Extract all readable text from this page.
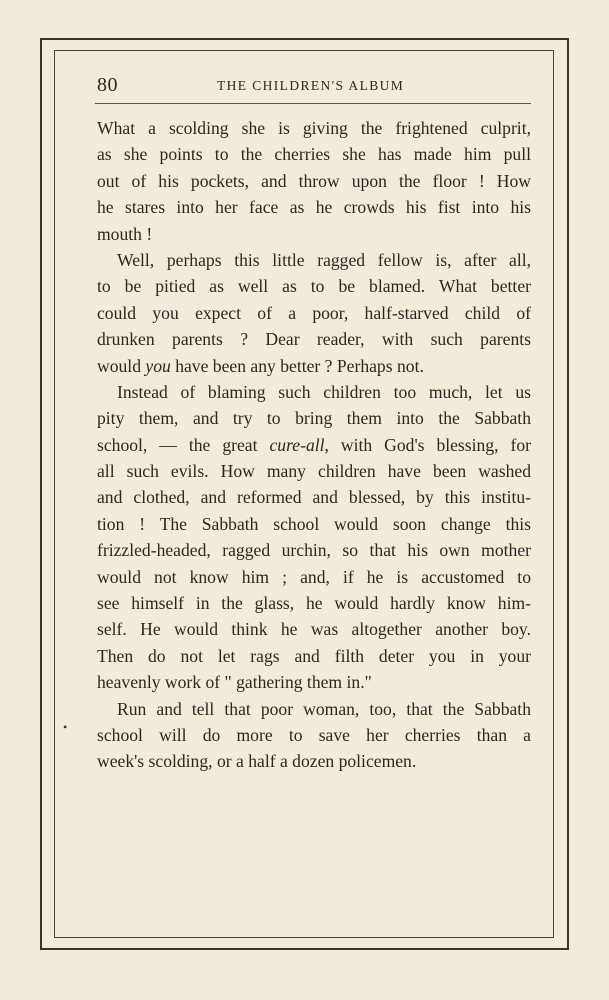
80	THE CHILDREN'S ALBUM
What a scolding she is giving the frightened culprit,
as she points to the cherries she has made him pull
out of his pockets, and throw upon the floor ! How
he stares into her face as he crowds his fist into his
mouth !
Well, perhaps this little ragged fellow is, after all,
to be pitied as well as to be blamed. What better
could you expect of a poor, half-starved child of
drunken parents ? Dear reader, with such parents
would you have been any better ? Perhaps not.
Instead of blaming such children too much, let us
pity them, and try to bring them into the Sabbath
school, — the great cure-all, with God's blessing, for
all such evils. How many children have been washed
and clothed, and reformed and blessed, by this institu-
tion ! The Sabbath school would soon change this
frizzled-headed, ragged urchin, so that his own mother
would not know him ; and, if he is accustomed to
see himself in the glass, he would hardly know him-
self. He would think he was altogether another boy.
Then do not let rags and filth deter you in your
heavenly work of " gathering them in."
Run and tell that poor woman, too, that the Sabbath
school will do more to save her cherries than a
week's scolding, or a half a dozen policemen.
•
